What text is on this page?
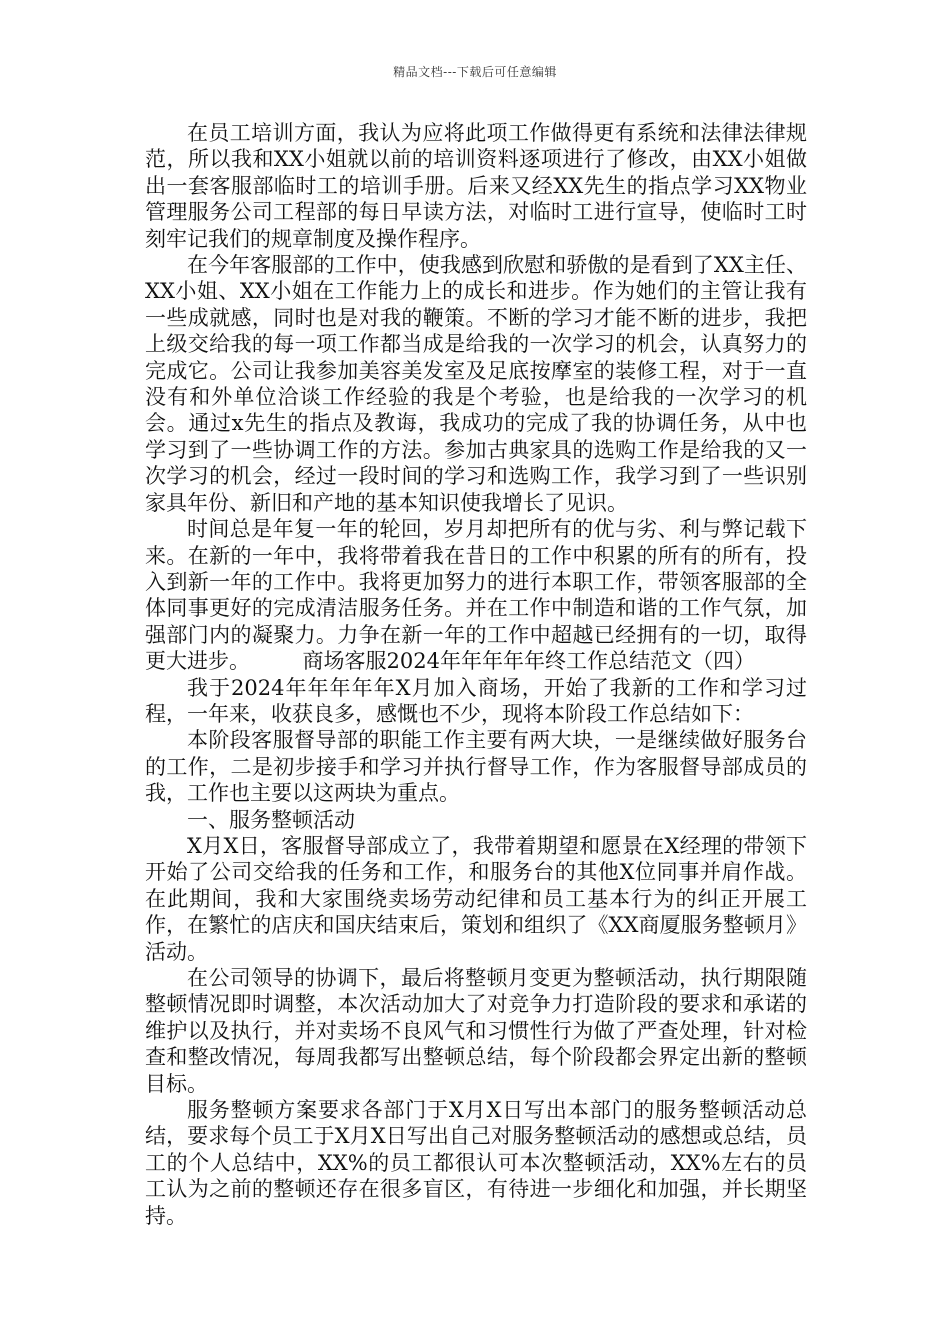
精品文档---下载后可任意编辑

在员工培训方面，我认为应将此项工作做得更有系统和法律法律规范，所以我和XX小姐就以前的培训资料逐项进行了修改，由XX小姐做出一套客服部临时工的培训手册。后来又经XX先生的指点学习XX物业管理服务公司工程部的每日早读方法，对临时工进行宣导，使临时工时刻牢记我们的规章制度及操作程序。

在今年客服部的工作中，使我感到欣慰和骄傲的是看到了XX主任、XX小姐、XX小姐在工作能力上的成长和进步。作为她们的主管让我有一些成就感，同时也是对我的鞭策。不断的学习才能不断的进步，我把上级交给我的每一项工作都当成是给我的一次学习的机会，认真努力的完成它。公司让我参加美容美发室及足底按摩室的装修工程，对于一直没有和外单位洽谈工作经验的我是个考验，也是给我的一次学习的机会。通过x先生的指点及教诲，我成功的完成了我的协调任务，从中也学习到了一些协调工作的方法。参加古典家具的选购工作是给我的又一次学习的机会，经过一段时间的学习和选购工作，我学习到了一些识别家具年份、新旧和产地的基本知识使我增长了见识。

时间总是年复一年的轮回，岁月却把所有的优与劣、利与弊记载下来。在新的一年中，我将带着我在昔日的工作中积累的所有的所有，投入到新一年的工作中。我将更加努力的进行本职工作，带领客服部的全体同事更好的完成清洁服务任务。并在工作中制造和谐的工作气氛，加强部门内的凝聚力。力争在新一年的工作中超越已经拥有的一切，取得更大进步。　　　商场客服2024年年年年年终工作总结范文（四）

我于2024年年年年年X月加入商场，开始了我新的工作和学习过程，一年来，收获良多，感慨也不少，现将本阶段工作总结如下：

本阶段客服督导部的职能工作主要有两大块，一是继续做好服务台的工作，二是初步接手和学习并执行督导工作，作为客服督导部成员的我，工作也主要以这两块为重点。

一、服务整顿活动

X月X日，客服督导部成立了，我带着期望和愿景在X经理的带领下开始了公司交给我的任务和工作，和服务台的其他X位同事并肩作战。在此期间，我和大家围绕卖场劳动纪律和员工基本行为的纠正开展工作，在繁忙的店庆和国庆结束后，策划和组织了《XX商厦服务整顿月》活动。

在公司领导的协调下，最后将整顿月变更为整顿活动，执行期限随整顿情况即时调整，本次活动加大了对竞争力打造阶段的要求和承诺的维护以及执行，并对卖场不良风气和习惯性行为做了严查处理，针对检查和整改情况，每周我都写出整顿总结，每个阶段都会界定出新的整顿目标。

服务整顿方案要求各部门于X月X日写出本部门的服务整顿活动总结，要求每个员工于X月X日写出自己对服务整顿活动的感想或总结，员工的个人总结中，XX%的员工都很认可本次整顿活动，XX%左右的员工认为之前的整顿还存在很多盲区，有待进一步细化和加强，并长期坚持。
